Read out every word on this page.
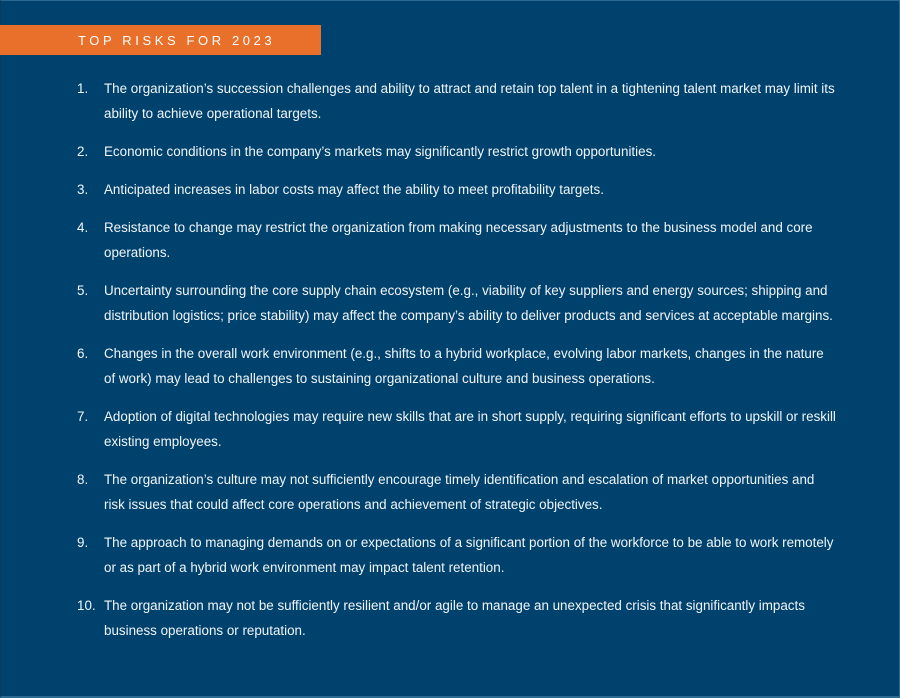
TOP RISKS FOR 2023
1.	The organization’s succession challenges and ability to attract and retain top talent in a tightening talent market may limit its ability to achieve operational targets.
2.	Economic conditions in the company’s markets may significantly restrict growth opportunities.
3.	Anticipated increases in labor costs may affect the ability to meet profitability targets.
4.	Resistance to change may restrict the organization from making necessary adjustments to the business model and core operations.
5.	Uncertainty surrounding the core supply chain ecosystem (e.g., viability of key suppliers and energy sources; shipping and distribution logistics; price stability) may affect the company’s ability to deliver products and services at acceptable margins.
6.	Changes in the overall work environment (e.g., shifts to a hybrid workplace, evolving labor markets, changes in the nature of work) may lead to challenges to sustaining organizational culture and business operations.
7.	Adoption of digital technologies may require new skills that are in short supply, requiring significant efforts to upskill or reskill existing employees.
8.	The organization’s culture may not sufficiently encourage timely identification and escalation of market opportunities and risk issues that could affect core operations and achievement of strategic objectives.
9.	The approach to managing demands on or expectations of a significant portion of the workforce to be able to work remotely or as part of a hybrid work environment may impact talent retention.
10. The organization may not be sufficiently resilient and/or agile to manage an unexpected crisis that significantly impacts business operations or reputation.
